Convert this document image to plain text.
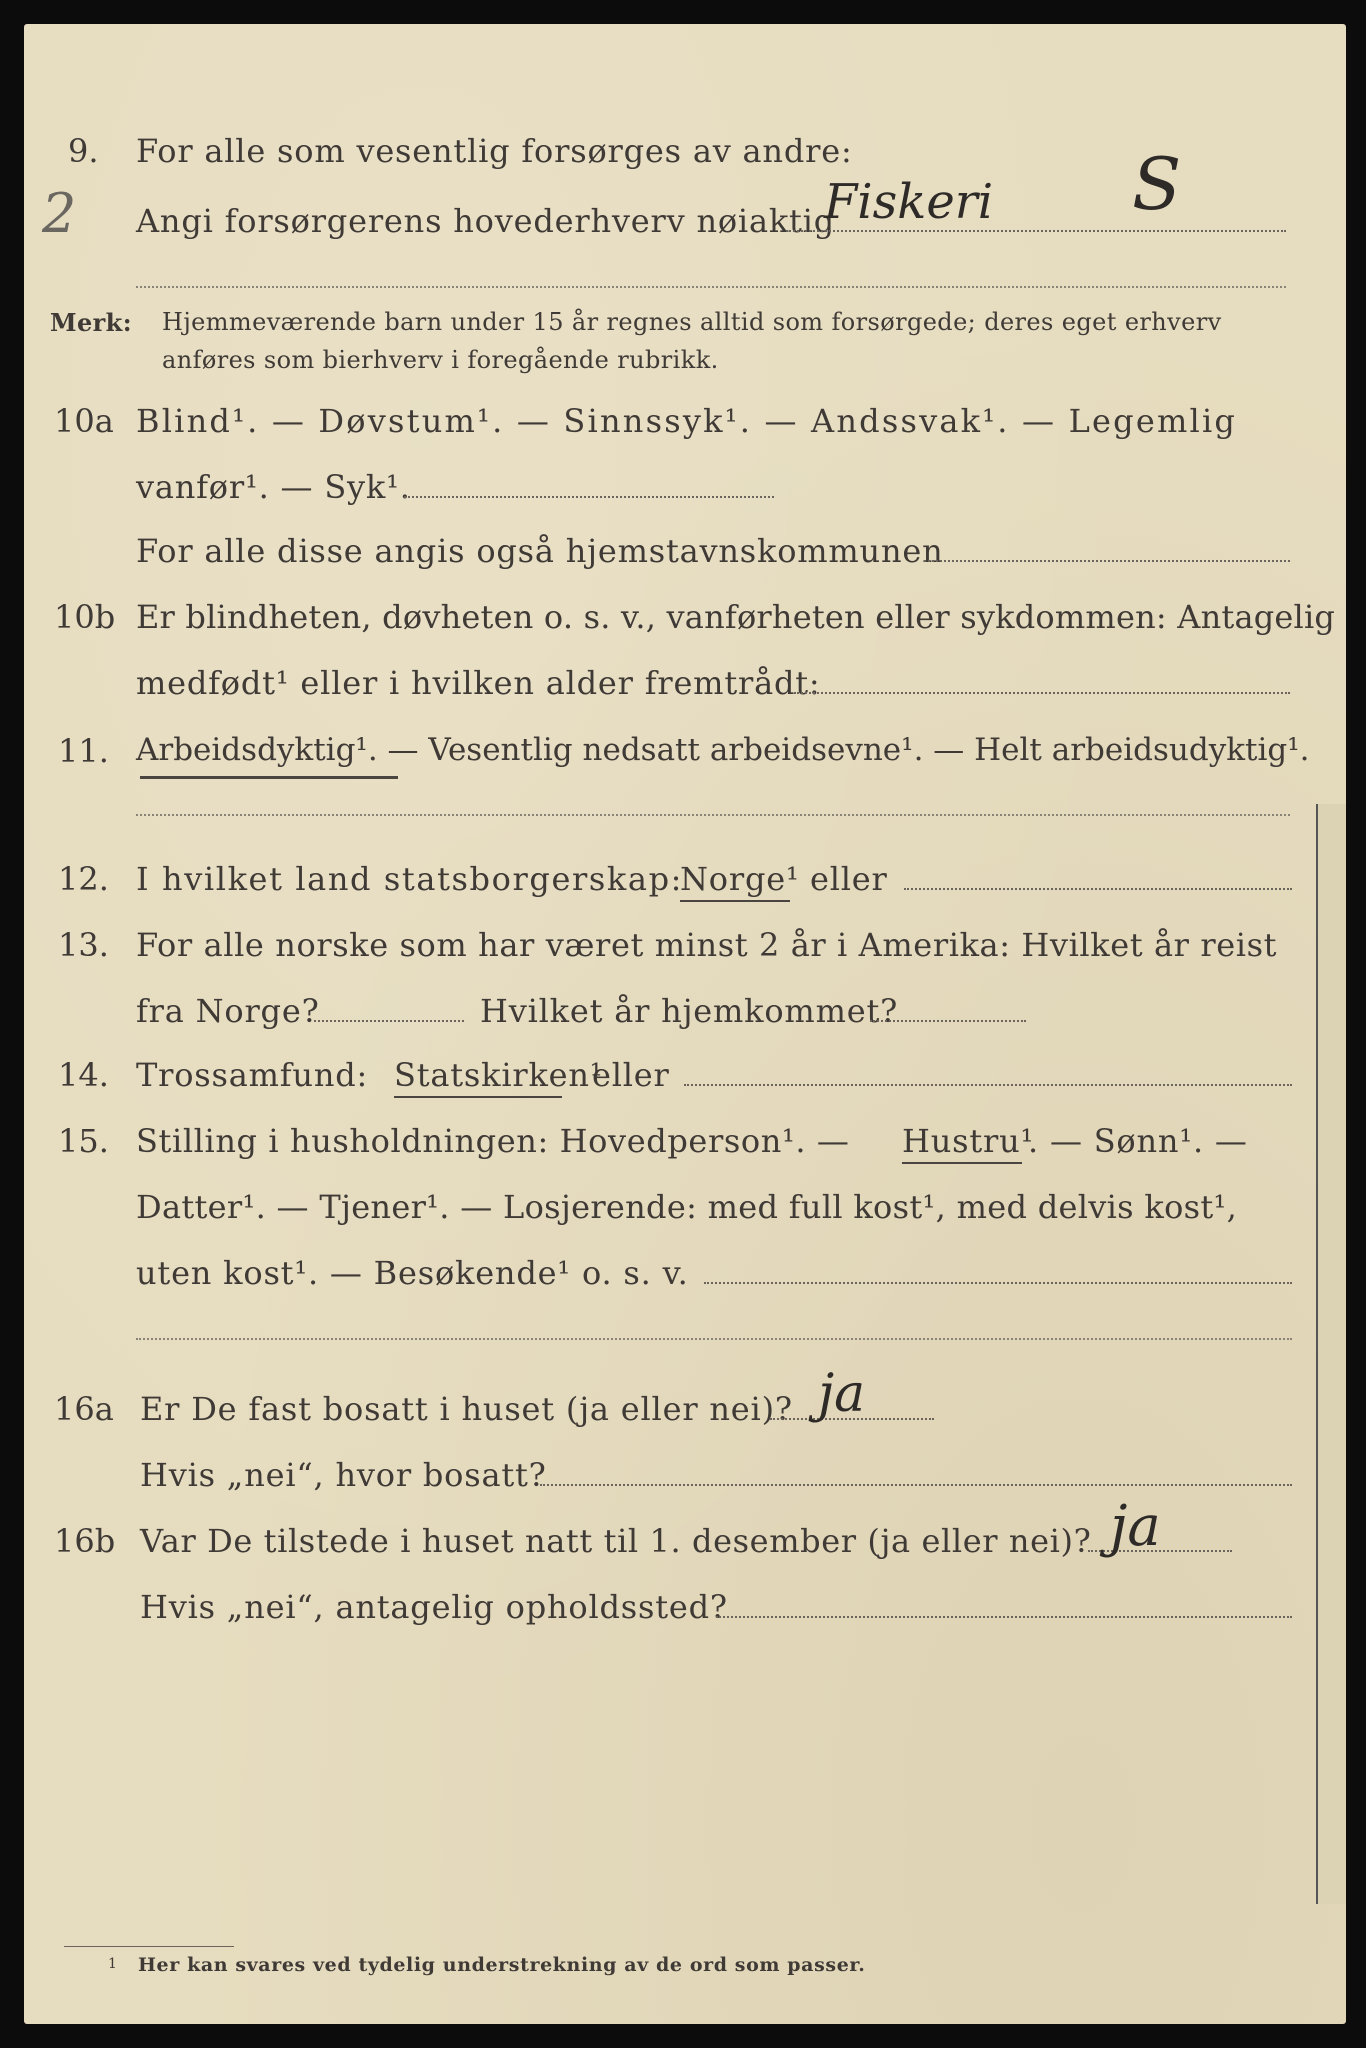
9. For alle som vesentlig forsørges av andre:
2 Angi forsørgerens hovederhverv nøiaktig
Fiskeri S
Merk: Hjemmeværende barn under 15 år regnes alltid som forsørgede; deres eget erhverv
anføres som bierhverv i foregående rubrikk.
10a Blind¹. — Døvstum¹. — Sinnssyk¹. — Andssvak¹. — Legemlig
vanfør¹. — Syk¹.
For alle disse angis også hjemstavnskommunen
10b Er blindheten, døvheten o. s. v., vanførheten eller sykdommen: Antagelig
medfødt¹ eller i hvilken alder fremtrådt:
11. Arbeidsdyktig¹. — Vesentlig nedsatt arbeidsevne¹. — Helt arbeidsudyktig¹.
12. I hvilket land statsborgerskap:
Norge¹ eller
13. For alle norske som har været minst 2 år i Amerika: Hvilket år reist
fra Norge?	Hvilket år hjemkommet?
14. Trossamfund: Statskirken¹
eller
15. Stilling i husholdningen: Hovedperson¹. — Hustru¹
. — Sønn¹. —
Datter¹. — Tjener¹. — Losjerende: med full kost¹, med delvis kost¹,
uten kost¹. — Besøkende¹ o. s. v.
16a Er De fast bosatt i huset (ja eller nei)? ja
Hvis „nei“, hvor bosatt?
16b Var De tilstede i huset natt til 1. desember (ja eller nei)? ja
Hvis „nei“, antagelig opholdssted?
1 Her kan svares ved tydelig understrekning av de ord som passer.
